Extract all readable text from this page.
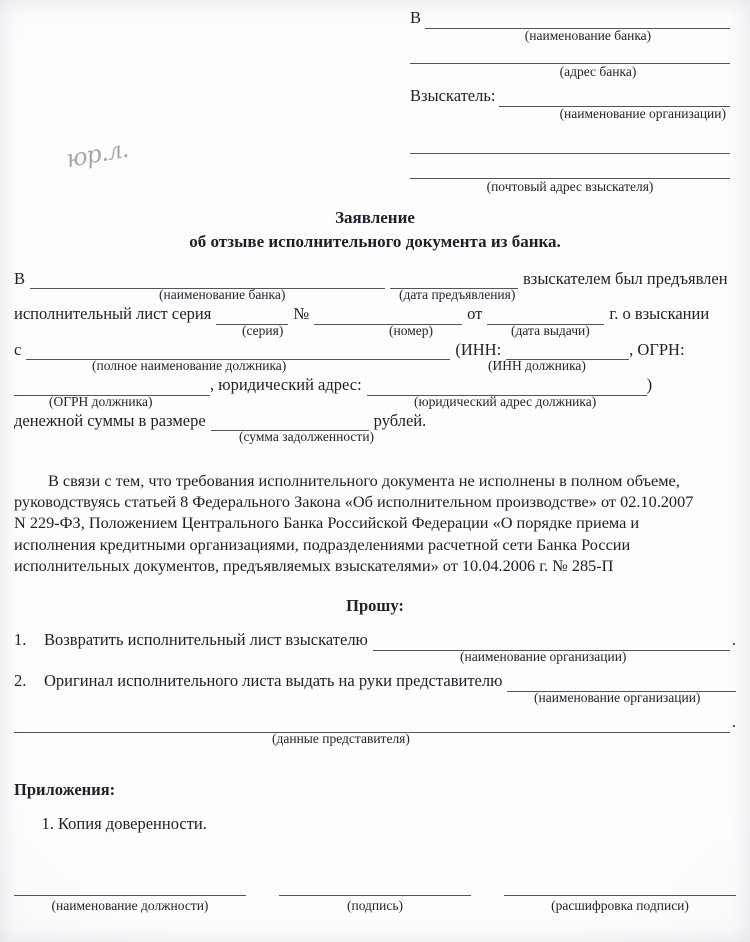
В
(наименование банка)
(адрес банка)
Взыскатель:
(наименование организации)
(почтовый адрес взыскателя)
юр.л.
Заявление
об отзыве исполнительного документа из банка.
В	взыскателем был предъявлен
(наименование банка)	(дата предъявления)
исполнительный лист серия	№	от	г. о взыскании
(серия)	(номер)	(дата выдачи)
с	(ИНН:	, ОГРН:
(полное наименование должника)	(ИНН должника)
, юридический адрес:	)
(ОГРН должника)	(юридический адрес должника)
денежной суммы в размере	рублей.
(сумма задолженности)
В связи с тем, что требования исполнительного документа не исполнены в полном объеме,
руководствуясь статьей 8 Федерального Закона «Об исполнительном производстве» от 02.10.2007
N 229-ФЗ, Положением Центрального Банка Российской Федерации «О порядке приема и
исполнения кредитными организациями, подразделениями расчетной сети Банка России
исполнительных документов, предъявляемых взыскателями» от 10.04.2006 г. № 285-П
Прошу:
1.	Возвратить исполнительный лист взыскателю	.
(наименование организации)
2.	Оригинал исполнительного листа выдать на руки представителю
(наименование организации)
.
(данные представителя)
Приложения:
1. Копия доверенности.
(наименование должности)	(подпись)	(расшифровка подписи)
